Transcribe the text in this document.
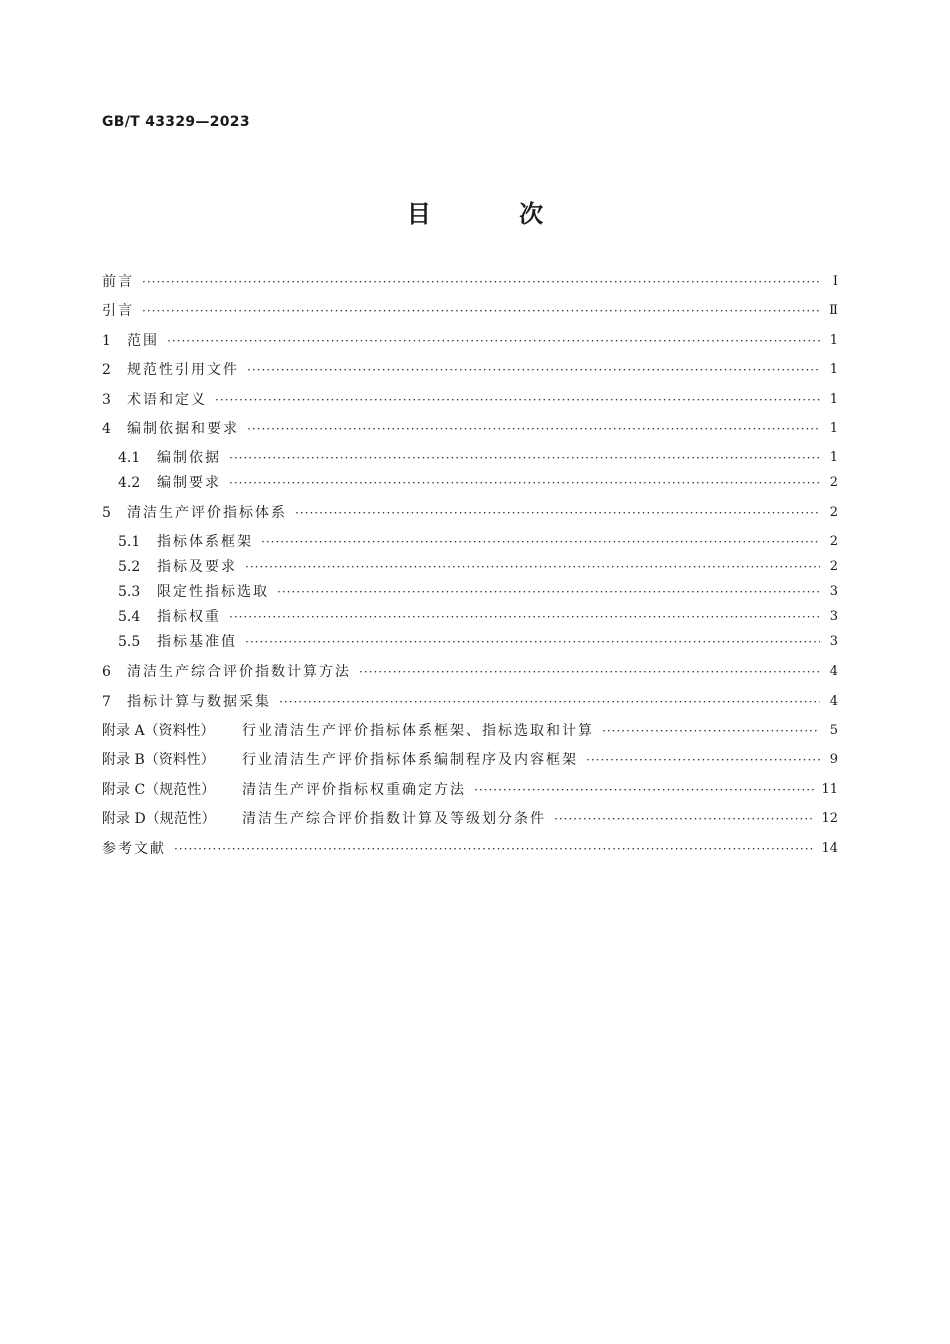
GB/T 43329—2023
目 次
前言 ·····	Ⅰ
引言 ·····	Ⅱ
1	范围 ·····	1
2	规范性引用文件 ·····	1
3	术语和定义 ·····	1
4	编制依据和要求 ·····	1
4.1	编制依据 ·····	1
4.2	编制要求 ·····	2
5	清洁生产评价指标体系 ·····	2
5.1	指标体系框架 ·····	2
5.2	指标及要求 ·····	2
5.3	限定性指标选取 ·····	3
5.4	指标权重 ·····	3
5.5	指标基准值 ·····	3
6	清洁生产综合评价指数计算方法 ·····	4
7	指标计算与数据采集 ·····	4
附录 A（资料性）	行业清洁生产评价指标体系框架、指标选取和计算 ·····	5
附录 B（资料性）	行业清洁生产评价指标体系编制程序及内容框架 ·····	9
附录 C（规范性）	清洁生产评价指标权重确定方法 ·····	11
附录 D（规范性）	清洁生产综合评价指数计算及等级划分条件 ·····	12
参考文献 ·····	14
